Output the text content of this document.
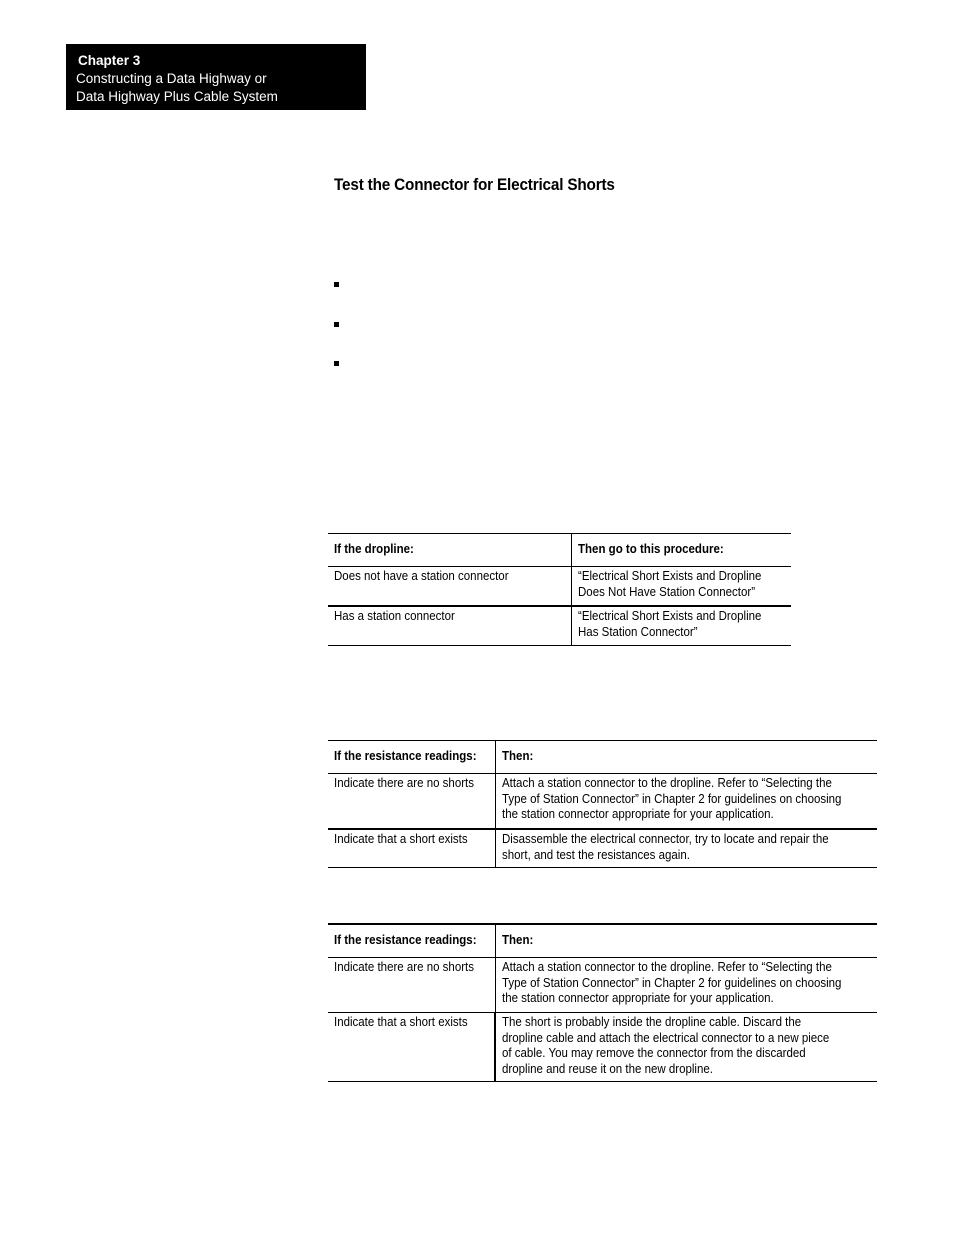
Chapter 3
Constructing a Data Highway or
Data Highway Plus Cable System
Test the Connector for Electrical Shorts
If the dropline:	Then go to this procedure:
Does not have a station connector	“Electrical Short Exists and Dropline
Does Not Have Station Connector”
Has a station connector	“Electrical Short Exists and Dropline
Has Station Connector”
If the resistance readings:	Then:
Indicate there are no shorts	Attach a station connector to the dropline. Refer to “Selecting the
Type of Station Connector” in Chapter 2 for guidelines on choosing
the station connector appropriate for your application.
Indicate that a short exists	Disassemble the electrical connector, try to locate and repair the
short, and test the resistances again.
If the resistance readings:	Then:
Indicate there are no shorts	Attach a station connector to the dropline. Refer to “Selecting the
Type of Station Connector” in Chapter 2 for guidelines on choosing
the station connector appropriate for your application.
Indicate that a short exists	The short is probably inside the dropline cable. Discard the
dropline cable and attach the electrical connector to a new piece
of cable. You may remove the connector from the discarded
dropline and reuse it on the new dropline.
